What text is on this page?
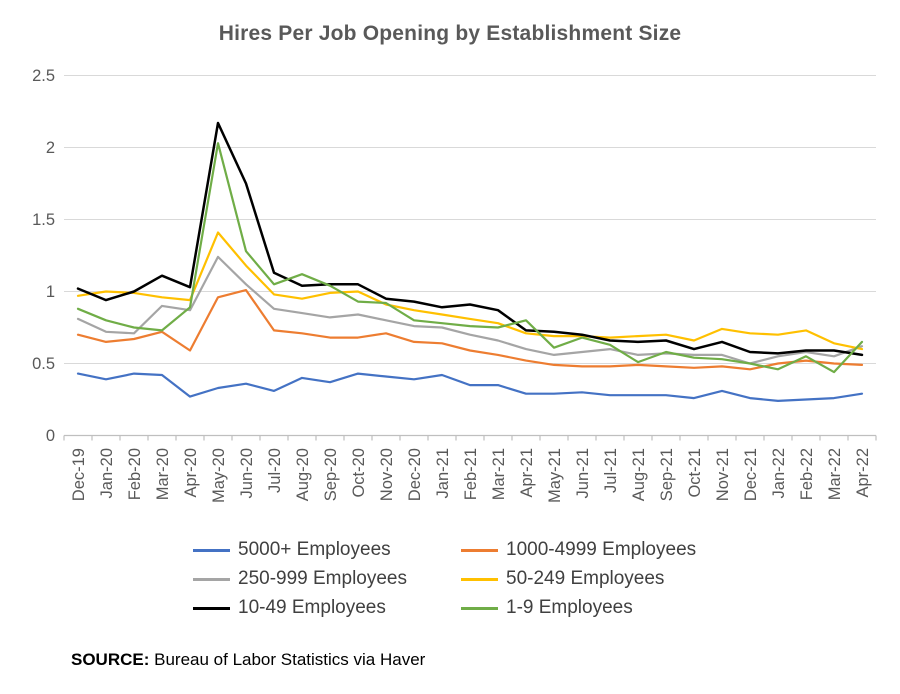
Hires Per Job Opening by Establishment Size
0
0.5
1
1.5
2
2.5
Dec-19 Jan-20 Feb-20 Mar-20 Apr-20 May-20 Jun-20 Jul-20 Aug-20 Sep-20 Oct-20 Nov-20 Dec-20 Jan-21 Feb-21 Mar-21 Apr-21 May-21 Jun-21 Jul-21 Aug-21 Sep-21 Oct-21 Nov-21 Dec-21 Jan-22 Feb-22 Mar-22 Apr-22
5000+ Employees	1000-4999 Employees
250-999 Employees	50-249 Employees
10-49 Employees	1-9 Employees
SOURCE: Bureau of Labor Statistics via Haver
